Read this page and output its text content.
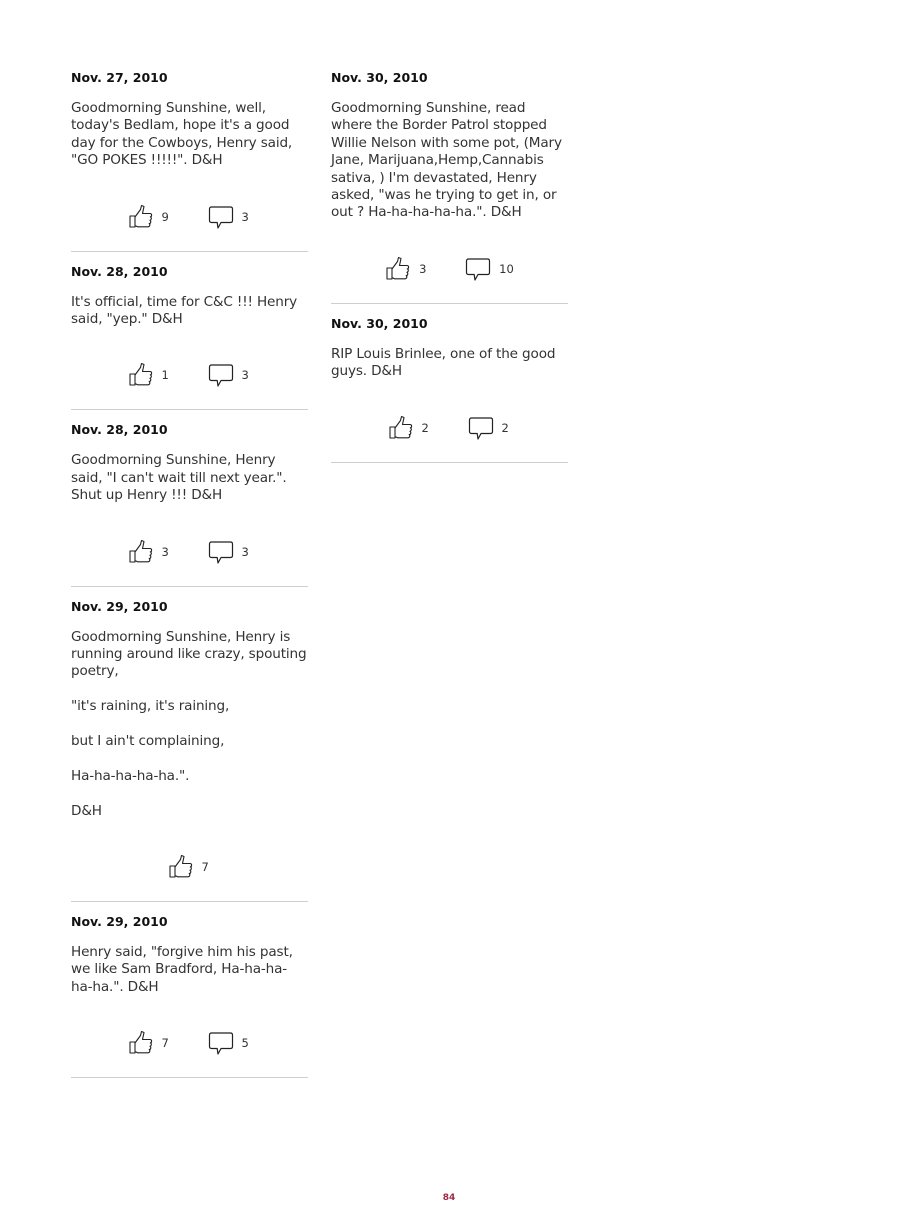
Nov. 27, 2010

Goodmorning Sunshine, well, today's Bedlam, hope it's a good day for the Cowboys, Henry said, "GO POKES !!!!!". D&H

9	3
Nov. 28, 2010

It's official, time for C&C !!! Henry said, "yep." D&H

1	3
Nov. 28, 2010

Goodmorning Sunshine, Henry said, "I can't wait till next year.". Shut up Henry !!! D&H

3	3
Nov. 29, 2010

Goodmorning Sunshine, Henry is running around like crazy, spouting poetry,

"it's raining, it's raining,

but I ain't complaining,

Ha-ha-ha-ha-ha.".

D&H

7
Nov. 29, 2010

Henry said, "forgive him his past, we like Sam Bradford, Ha-ha-ha-ha-ha.". D&H

7	5
Nov. 30, 2010

Goodmorning Sunshine, read where the Border Patrol stopped Willie Nelson with some pot, (Mary Jane, Marijuana,Hemp,Cannabis sativa, ) I'm devastated, Henry asked, "was he trying to get in, or out ? Ha-ha-ha-ha-ha.". D&H

3	10
Nov. 30, 2010

RIP Louis Brinlee, one of the good guys. D&H

2	2
84
